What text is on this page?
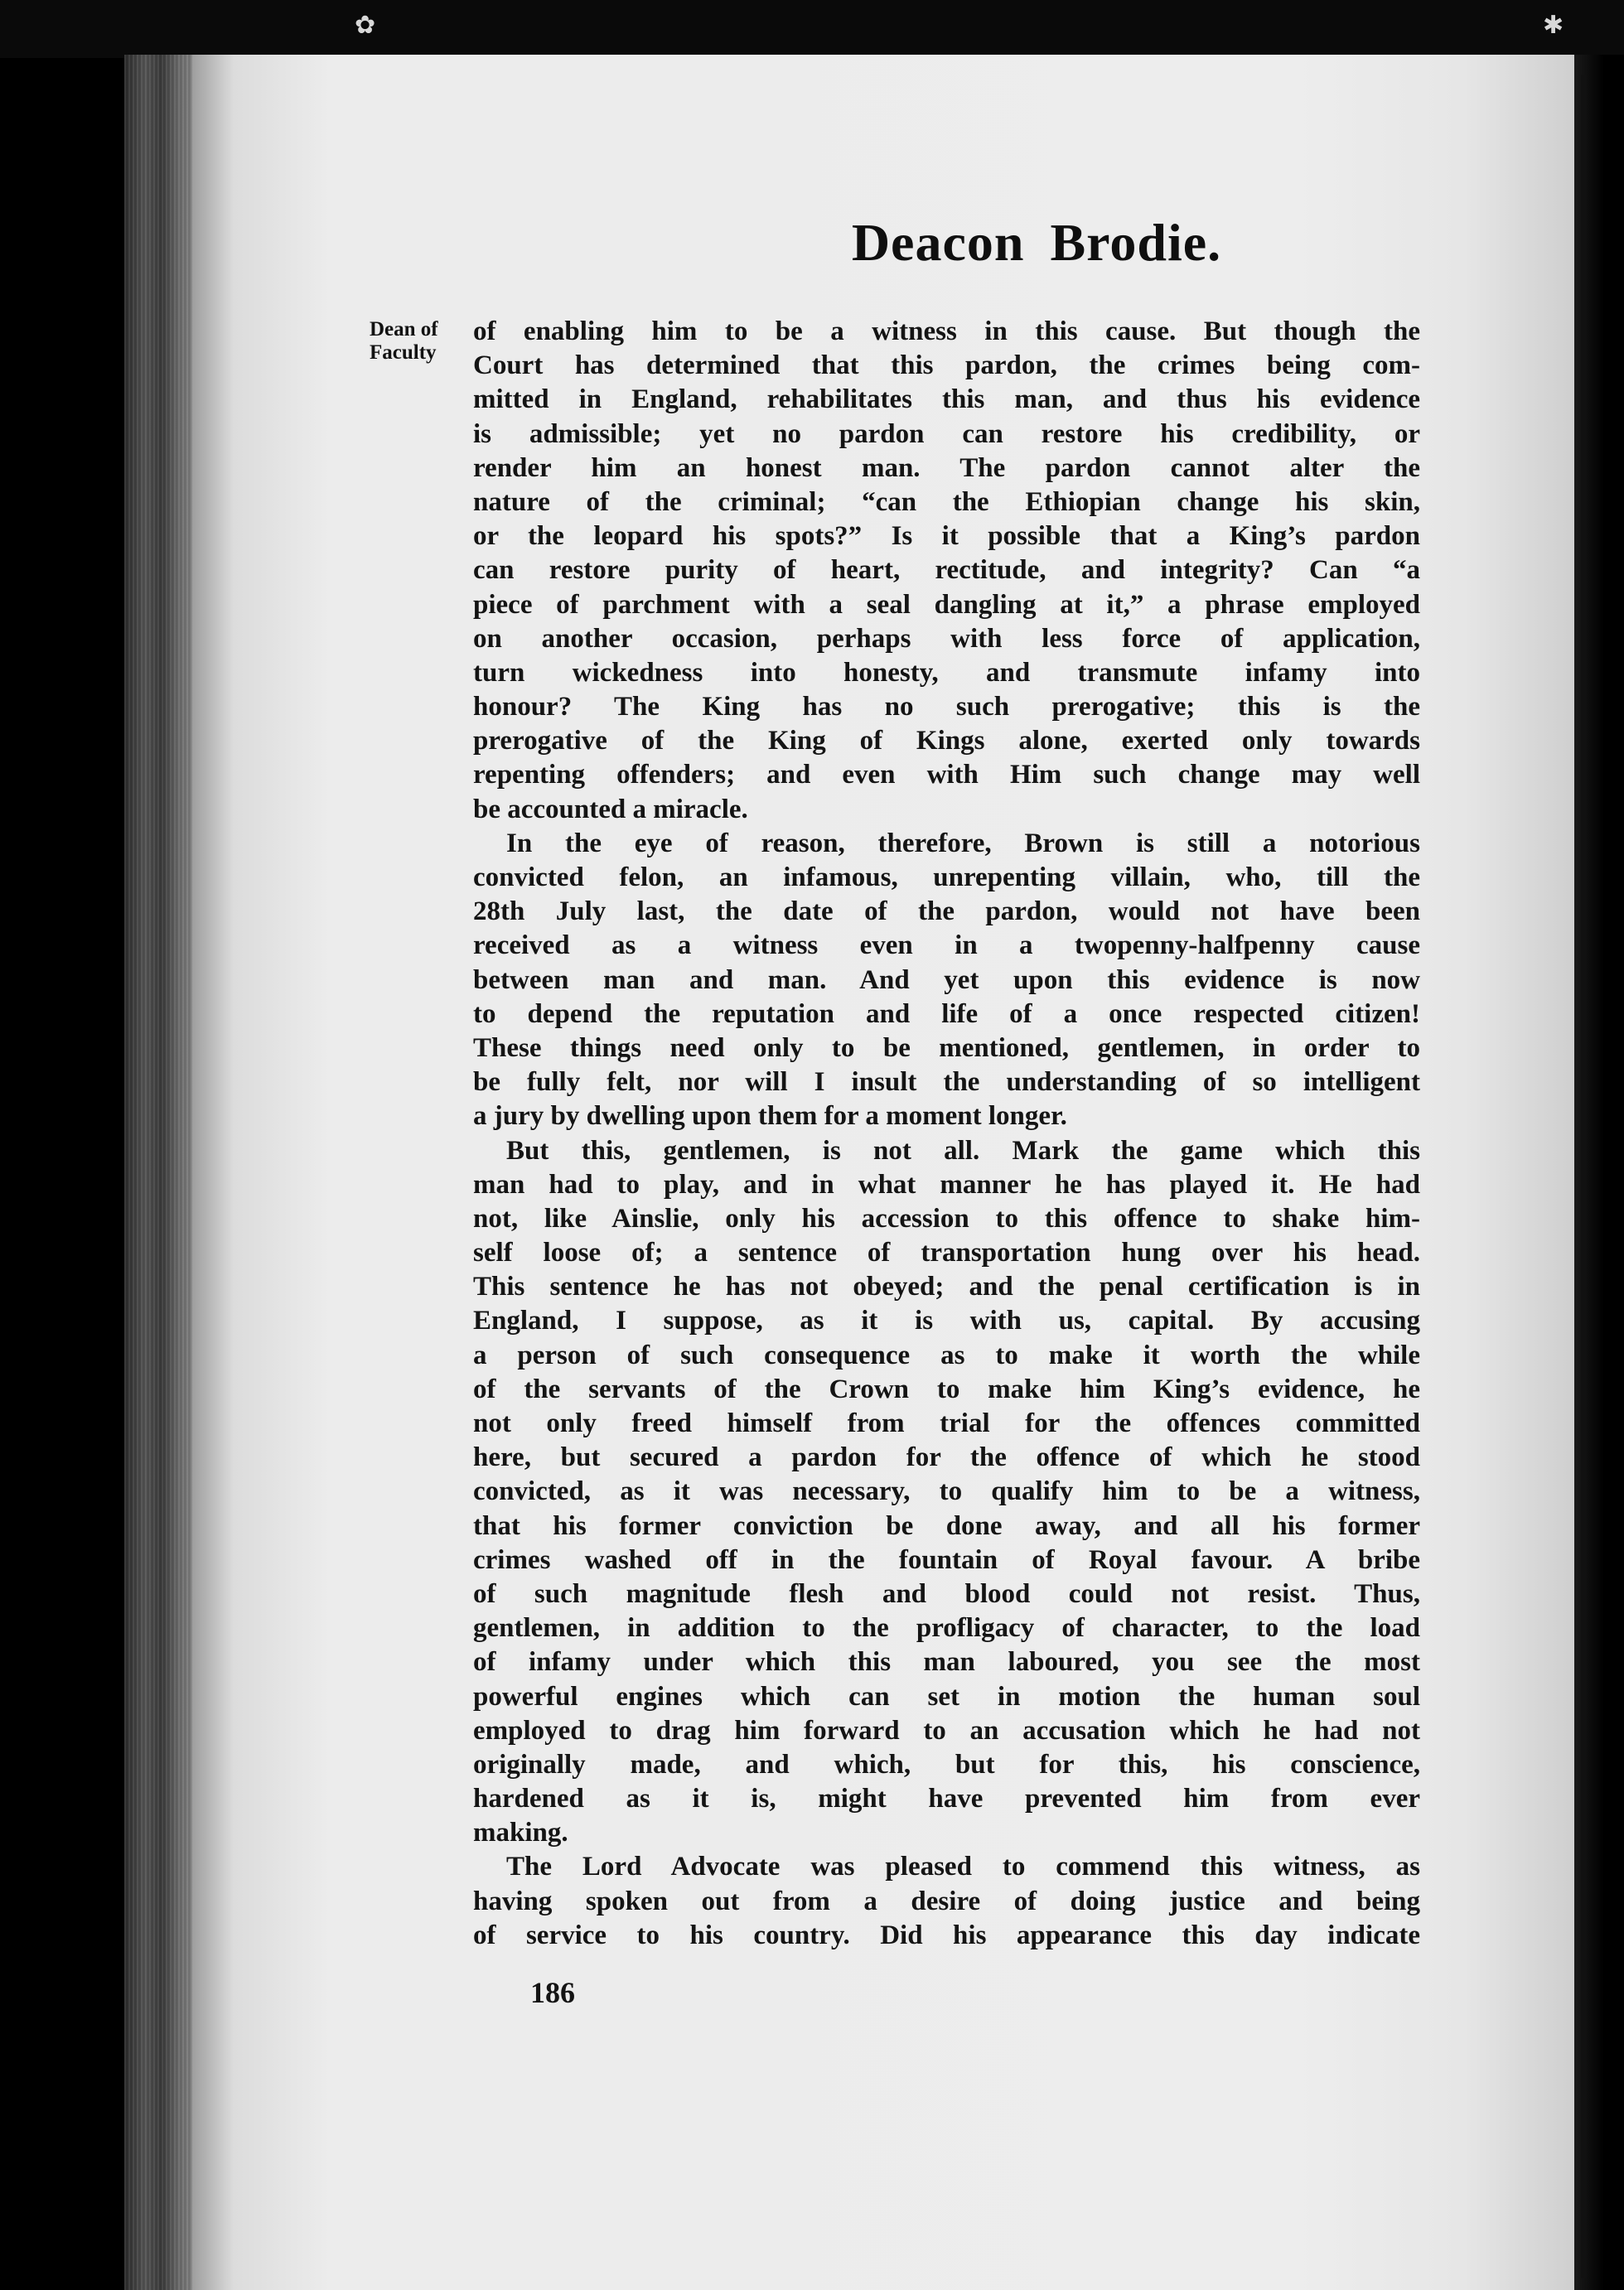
✿	✱
Deacon Brodie.
Dean of
Faculty
of enabling him to be a witness in this cause. But though the
Court has determined that this pardon, the crimes being com-
mitted in England, rehabilitates this man, and thus his evidence
is admissible; yet no pardon can restore his credibility, or
render him an honest man. The pardon cannot alter the
nature of the criminal; “can the Ethiopian change his skin,
or the leopard his spots?” Is it possible that a King’s pardon
can restore purity of heart, rectitude, and integrity? Can “a
piece of parchment with a seal dangling at it,” a phrase employed
on another occasion, perhaps with less force of application,
turn wickedness into honesty, and transmute infamy into
honour? The King has no such prerogative; this is the
prerogative of the King of Kings alone, exerted only towards
repenting offenders; and even with Him such change may well
be accounted a miracle.
In the eye of reason, therefore, Brown is still a notorious
convicted felon, an infamous, unrepenting villain, who, till the
28th July last, the date of the pardon, would not have been
received as a witness even in a twopenny-halfpenny cause
between man and man. And yet upon this evidence is now
to depend the reputation and life of a once respected citizen!
These things need only to be mentioned, gentlemen, in order to
be fully felt, nor will I insult the understanding of so intelligent
a jury by dwelling upon them for a moment longer.
But this, gentlemen, is not all. Mark the game which this
man had to play, and in what manner he has played it. He had
not, like Ainslie, only his accession to this offence to shake him-
self loose of; a sentence of transportation hung over his head.
This sentence he has not obeyed; and the penal certification is in
England, I suppose, as it is with us, capital. By accusing
a person of such consequence as to make it worth the while
of the servants of the Crown to make him King’s evidence, he
not only freed himself from trial for the offences committed
here, but secured a pardon for the offence of which he stood
convicted, as it was necessary, to qualify him to be a witness,
that his former conviction be done away, and all his former
crimes washed off in the fountain of Royal favour. A bribe
of such magnitude flesh and blood could not resist. Thus,
gentlemen, in addition to the profligacy of character, to the load
of infamy under which this man laboured, you see the most
powerful engines which can set in motion the human soul
employed to drag him forward to an accusation which he had not
originally made, and which, but for this, his conscience,
hardened as it is, might have prevented him from ever
making.
The Lord Advocate was pleased to commend this witness, as
having spoken out from a desire of doing justice and being
of service to his country. Did his appearance this day indicate
186
